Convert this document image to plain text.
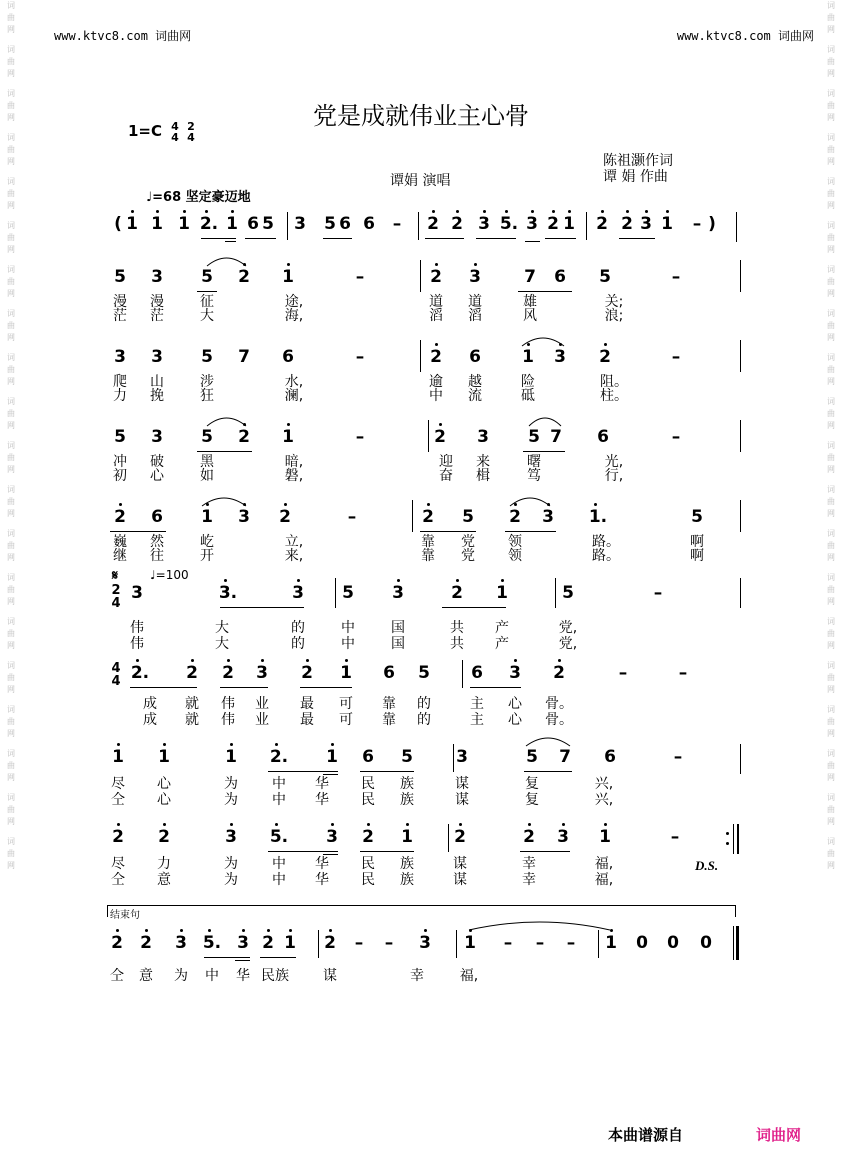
词
曲
网
词
曲
网
词
曲
网
词
曲
网
词
曲
网
词
曲
网
词
曲
网
词
曲
网
词
曲
网
词
曲
网
词
曲
网
词
曲
网
词
曲
网
词
曲
网
词
曲
网
词
曲
网
词
曲
网
词
曲
网
词
曲
网
词
曲
网
词
曲
网
词
曲
网
词
曲
网
词
曲
网
词
曲
网
词
曲
网
词
曲
网
词
曲
网
词
曲
网
词
曲
网
词
曲
网
词
曲
网
词
曲
网
词
曲
网
词
曲
网
词
曲
网
词
曲
网
词
曲
网
词
曲
网
词
曲
网
www.ktvc8.com 词曲网	www.ktvc8.com 词曲网
党是成就伟业主心骨
1=C 4
4
2
4
陈祖灏作词
谭 娟 作曲
谭娟 演唱
♩=68 坚定豪迈地
( 1 1 1 2. 1 6 5 3 5 6 6 – 2 2 3 5. 3 2 1 2 2 3 1 – )
5 3 5 2 1	–	2 3	7 6 5	–
漫 漫	征	途,	道 道	雄	关;
茫 茫	大	海,	滔 滔	风	浪;
3 3 5 7 6	–	2 6 1 3 2	–
爬 山	涉	水,	逾 越	险	阻。
力 挽	狂	澜,	中 流	砥	柱。
5 3 5 2 1	–	2 3 5 7 6	–
冲 破	黑	暗,	迎 来	曙	光,
初 心	如	磐,	奋 楫	笃	行,
2 6 1 3 2	–	2 5 2 3 1.	5
巍 然	屹	立,	靠 党 领	路。	啊
继 往	开	来,	靠 党 领	路。	啊
3	3.	3 5 3	2 1	5	–
伟	大	的	中	国	共 产	党,
伟	大	的	中	国	共 产	党,
2. 2 2 3 2 1 6 5 6 3 2	–	–
成 就 伟 业 最 可 靠 的	主 心 骨。
成 就 伟 业 最 可 靠 的	主 心 骨。
1 1	1 2. 1 6 5	3	5 7 6	–
尽 心	为 中 华 民 族	谋	复	兴,
仝 心	为 中 华 民 族	谋	复	兴,
2 2	3 5. 3 2 1 2	2 3 1	–
尽 力	为 中 华 民 族	谋	幸	福,
仝 意	为 中 华 民 族	谋	幸	福,
2 2 3 5. 3 2 1 2 – – 3 1 – – – 1 0 0 0
仝 意 为 中 华 民族 谋	幸	福,
𝄋	♩=100
2
4
4
4
D.S.
结束句
本曲谱源自	词曲网
